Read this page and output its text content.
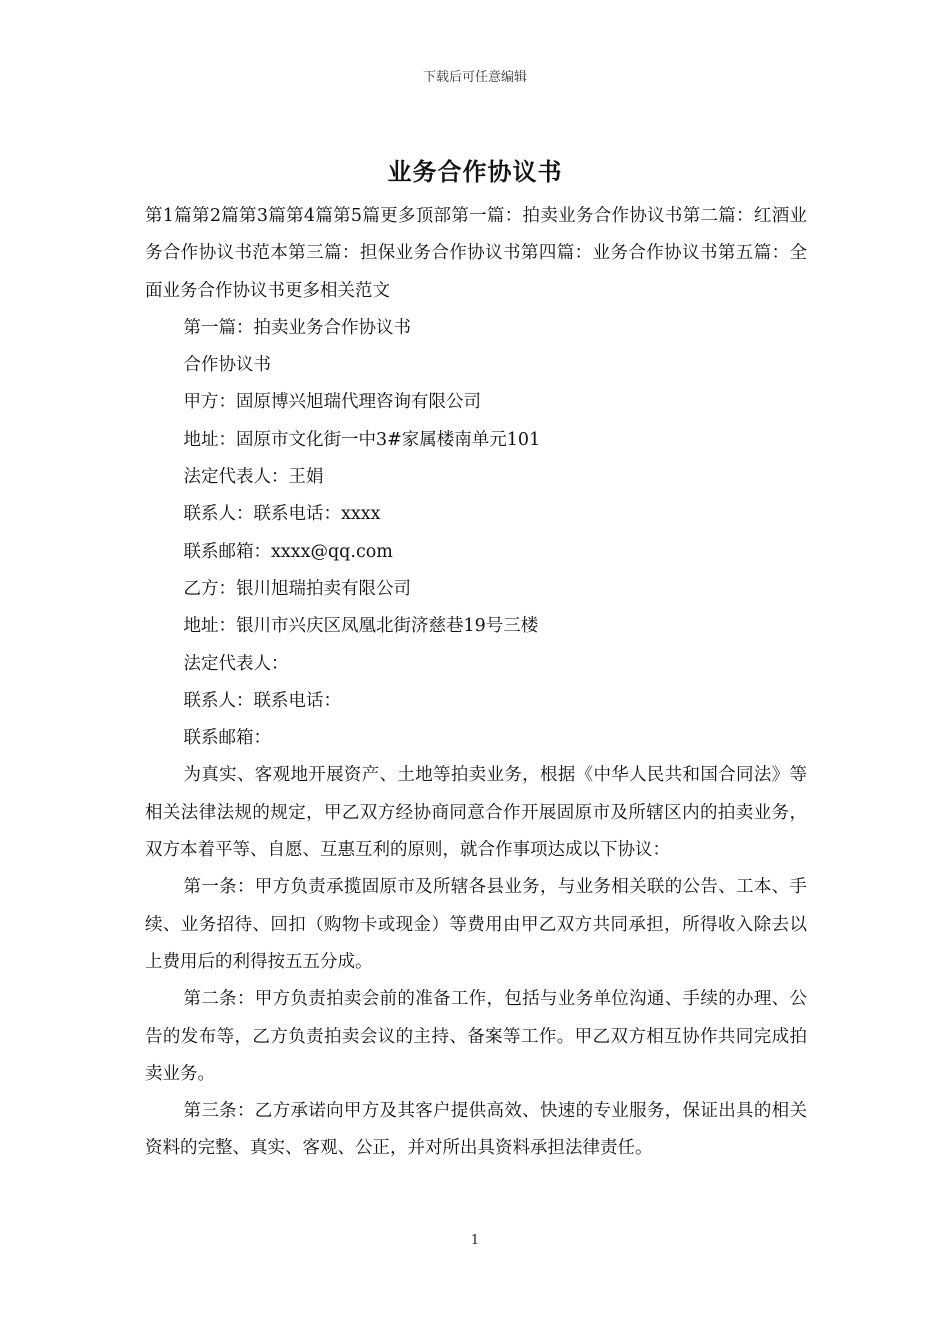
下载后可任意编辑
业务合作协议书

第1篇第2篇第3篇第4篇第5篇更多顶部第一篇：拍卖业务合作协议书第二篇：红酒业务合作协议书范本第三篇：担保业务合作协议书第四篇：业务合作协议书第五篇：全面业务合作协议书更多相关范文

第一篇：拍卖业务合作协议书

合作协议书

甲方：固原博兴旭瑞代理咨询有限公司

地址：固原市文化街一中3#家属楼南单元101

法定代表人：王娟

联系人：联系电话：xxxx

联系邮箱：xxxx@qq.com

乙方：银川旭瑞拍卖有限公司

地址：银川市兴庆区凤凰北街济慈巷19号三楼

法定代表人：

联系人：联系电话：

联系邮箱：

为真实、客观地开展资产、土地等拍卖业务，根据《中华人民共和国合同法》等相关法律法规的规定，甲乙双方经协商同意合作开展固原市及所辖区内的拍卖业务，双方本着平等、自愿、互惠互利的原则，就合作事项达成以下协议：

第一条：甲方负责承揽固原市及所辖各县业务，与业务相关联的公告、工本、手续、业务招待、回扣（购物卡或现金）等费用由甲乙双方共同承担，所得收入除去以上费用后的利得按五五分成。

第二条：甲方负责拍卖会前的准备工作，包括与业务单位沟通、手续的办理、公告的发布等，乙方负责拍卖会议的主持、备案等工作。甲乙双方相互协作共同完成拍卖业务。

第三条：乙方承诺向甲方及其客户提供高效、快速的专业服务，保证出具的相关资料的完整、真实、客观、公正，并对所出具资料承担法律责任。

1
